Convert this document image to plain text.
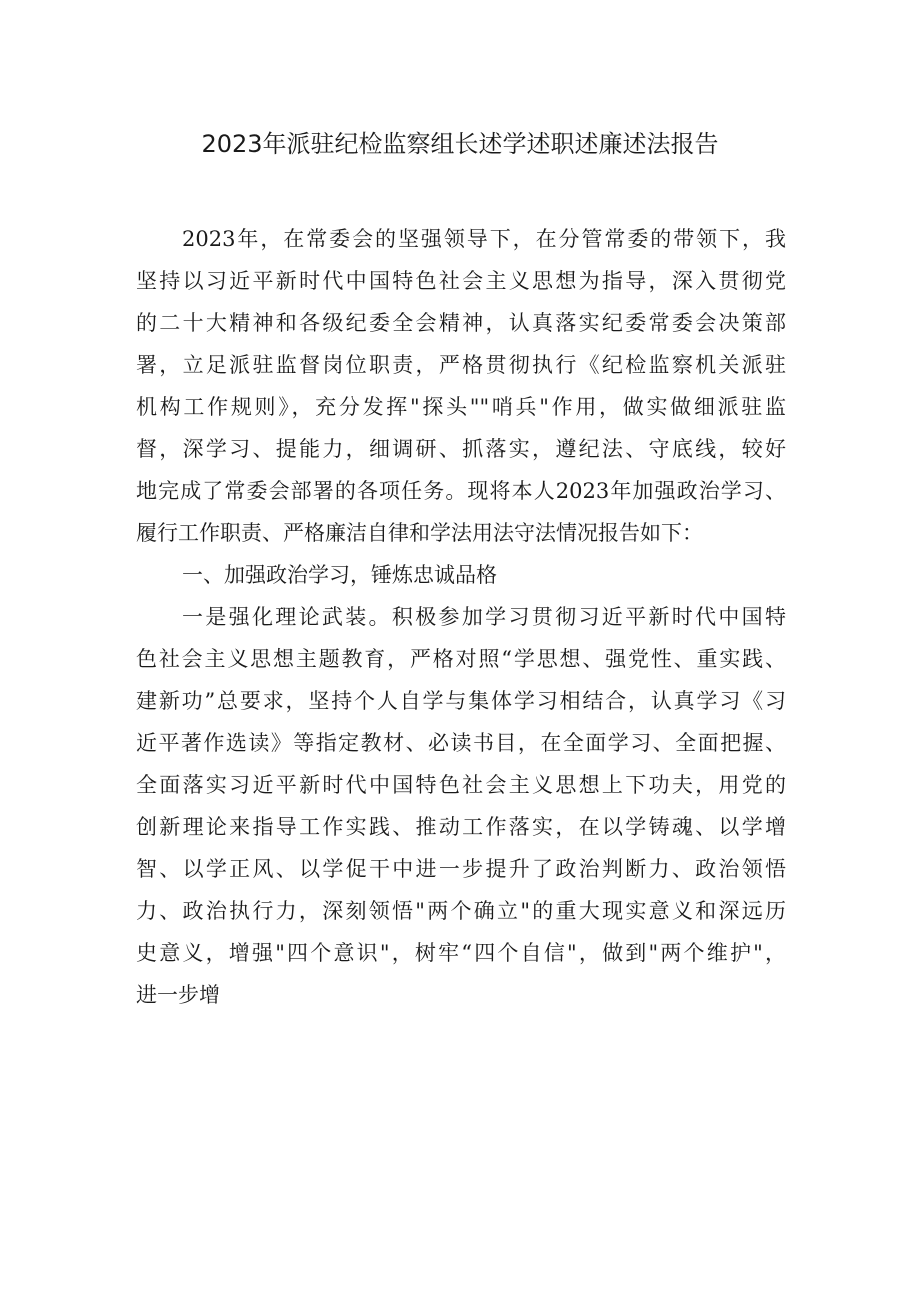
2023年派驻纪检监察组长述学述职述廉述法报告

2023年，在常委会的坚强领导下，在分管常委的带领下，我

坚持以习近平新时代中国特色社会主义思想为指导，深入贯彻党

的二十大精神和各级纪委全会精神，认真落实纪委常委会决策部

署，立足派驻监督岗位职责，严格贯彻执行《纪检监察机关派驻

机构工作规则》，充分发挥"探头""哨兵"作用，做实做细派驻监

督，深学习、提能力，细调研、抓落实，遵纪法、守底线，较好

地完成了常委会部署的各项任务。现将本人2023年加强政治学习、

履行工作职责、严格廉洁自律和学法用法守法情况报告如下：

一、加强政治学习，锤炼忠诚品格

一是强化理论武装。积极参加学习贯彻习近平新时代中国特

色社会主义思想主题教育，严格对照“学思想、强党性、重实践、

建新功”总要求，坚持个人自学与集体学习相结合，认真学习《习

近平著作选读》等指定教材、必读书目，在全面学习、全面把握、

全面落实习近平新时代中国特色社会主义思想上下功夫，用党的

创新理论来指导工作实践、推动工作落实，在以学铸魂、以学增

智、以学正风、以学促干中进一步提升了政治判断力、政治领悟

力、政治执行力，深刻领悟"两个确立"的重大现实意义和深远历

史意义，增强"四个意识"，树牢“四个自信"，做到"两个维护"，

进一步增
